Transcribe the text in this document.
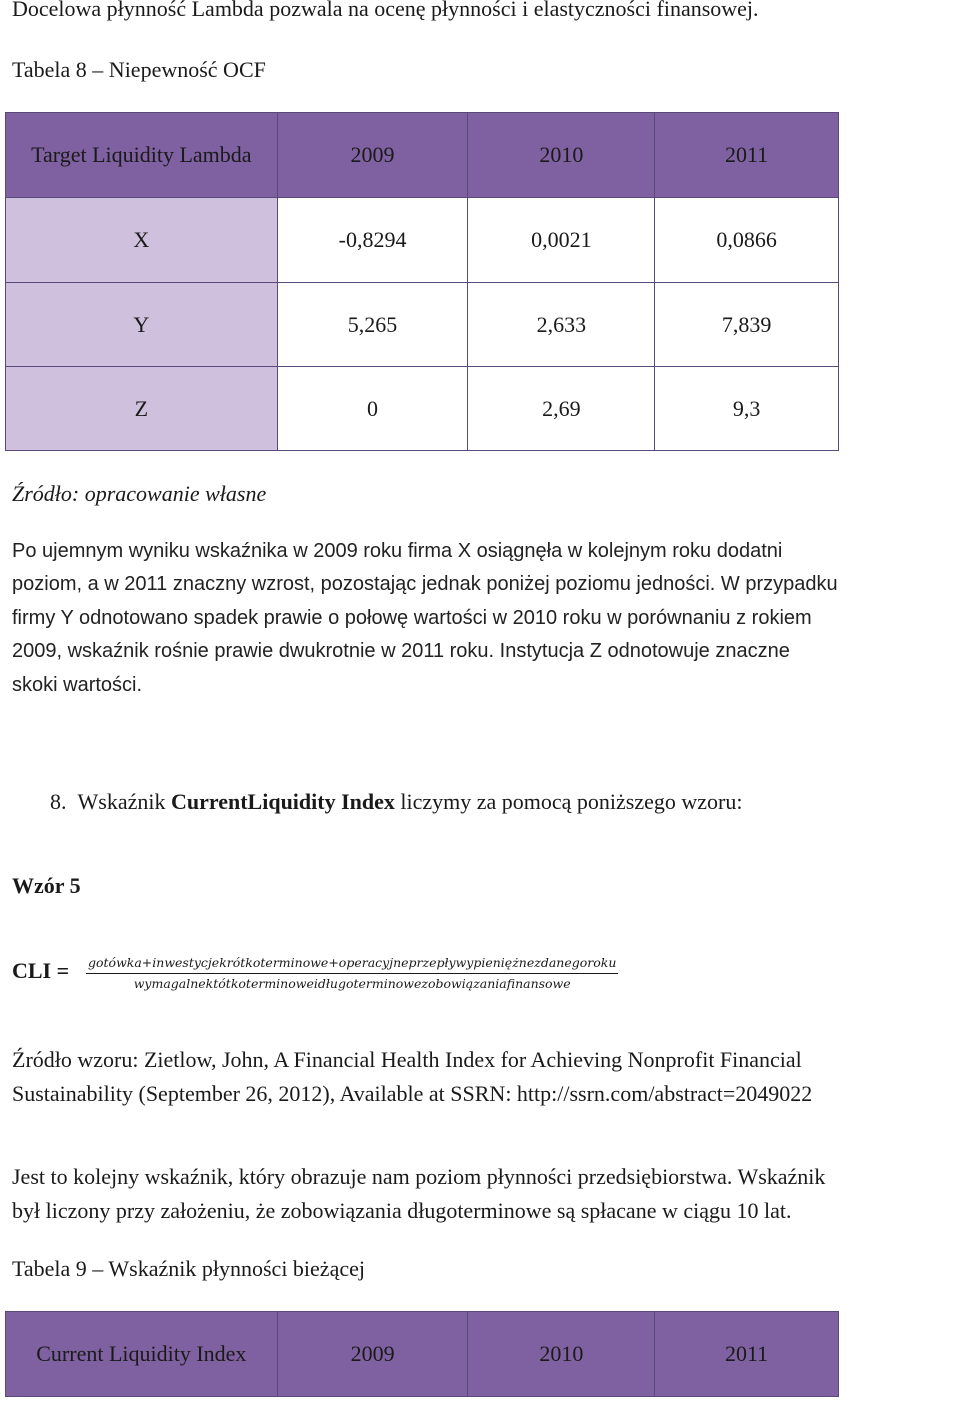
Docelowa płynność Lambda pozwala na ocenę płynności i elastyczności finansowej.
Tabela 8 – Niepewność OCF
Target Liquidity Lambda	2009	2010	2011
X	-0,8294	0,0021	0,0866
Y	5,265	2,633	7,839
Z	0	2,69	9,3
Źródło: opracowanie własne
Po ujemnym wyniku wskaźnika w 2009 roku firma X osiągnęła w kolejnym roku dodatni
poziom, a w 2011 znaczny wzrost, pozostając jednak poniżej poziomu jedności. W przypadku
firmy Y odnotowano spadek prawie o połowę wartości w 2010 roku w porównaniu z rokiem
2009, wskaźnik rośnie prawie dwukrotnie w 2011 roku. Instytucja Z odnotowuje znaczne
skoki wartości.
8. Wskaźnik CurrentLiquidity Index liczymy za pomocą poniższego wzoru:
Wzór 5
CLI = gotówka+inwestycjekrótkoterminowe+operacyjneprzepływypieniężnezdanegoroku
wymagalnektótkoterminoweidługoterminowezobowiązaniafinansowe
Źródło wzoru: Zietlow, John, A Financial Health Index for Achieving Nonprofit Financial
Sustainability (September 26, 2012), Available at SSRN: http://ssrn.com/abstract=2049022
Jest to kolejny wskaźnik, który obrazuje nam poziom płynności przedsiębiorstwa. Wskaźnik
był liczony przy założeniu, że zobowiązania długoterminowe są spłacane w ciągu 10 lat.
Tabela 9 – Wskaźnik płynności bieżącej
Current Liquidity Index	2009	2010	2011
